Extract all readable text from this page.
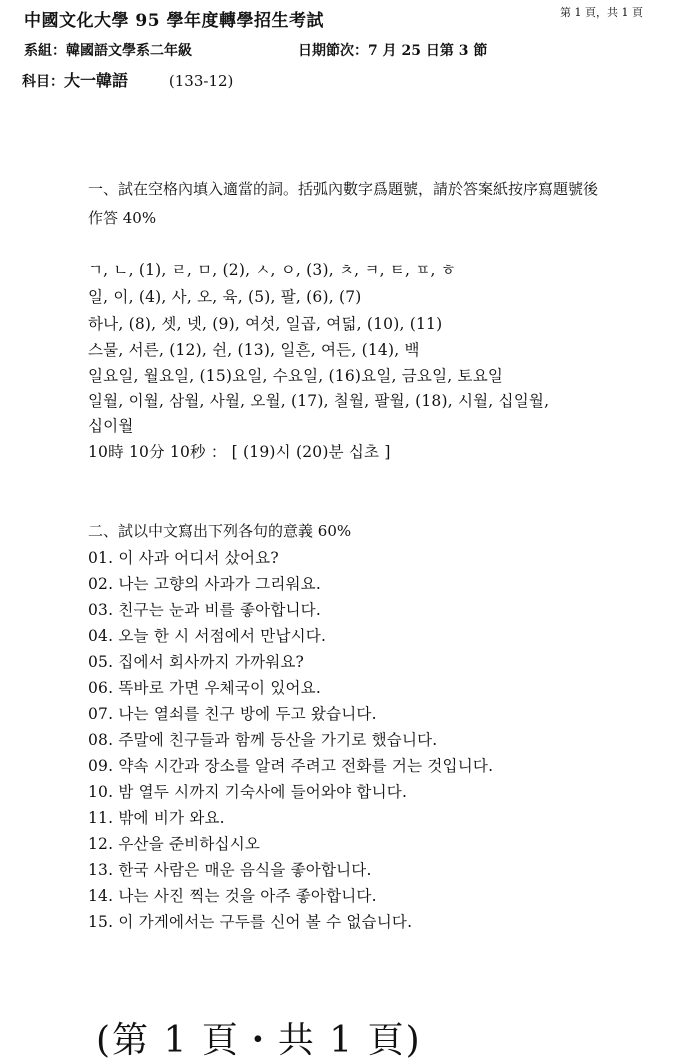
中國文化大學 95 學年度轉學招生考試	第 1 頁，共 1 頁
系組：韓國語文學系二年級	日期節次：7 月 25 日第 3 節
科目：大一韓語	(133-12)
一、試在空格內填入適當的詞。括弧內數字爲題號，請於答案紙按序寫題號後
作答 40%
ㄱ, ㄴ, (1), ㄹ, ㅁ, (2), ㅅ, ㅇ, (3), ㅊ, ㅋ, ㅌ, ㅍ, ㅎ
일, 이, (4), 사, 오, 육, (5), 팔, (6), (7)
하나, (8), 셋, 넷, (9), 여섯, 일곱, 여덟, (10), (11)
스물, 서른, (12), 쉰, (13), 일흔, 여든, (14), 백
일요일, 월요일, (15)요일, 수요일, (16)요일, 금요일, 토요일
일월, 이월, 삼월, 사월, 오월, (17), 칠월, 팔월, (18), 시월, 십일월,
십이월
10時 10分 10秒 ： [ (19)시 (20)분 십초 ]
二、試以中文寫出下列各句的意義 60%
01. 이 사과 어디서 샀어요?
02. 나는 고향의 사과가 그리워요.
03. 친구는 눈과 비를 좋아합니다.
04. 오늘 한 시 서점에서 만납시다.
05. 집에서 회사까지 가까워요?
06. 똑바로 가면 우체국이 있어요.
07. 나는 열쇠를 친구 방에 두고 왔습니다.
08. 주말에 친구들과 함께 등산을 가기로 했습니다.
09. 약속 시간과 장소를 알려 주려고 전화를 거는 것입니다.
10. 밤 열두 시까지 기숙사에 들어와야 합니다.
11. 밖에 비가 와요.
12. 우산을 준비하십시오
13. 한국 사람은 매운 음식을 좋아합니다.
14. 나는 사진 찍는 것을 아주 좋아합니다.
15. 이 가게에서는 구두를 신어 볼 수 없습니다.
(第 1 頁・共 1 頁)
